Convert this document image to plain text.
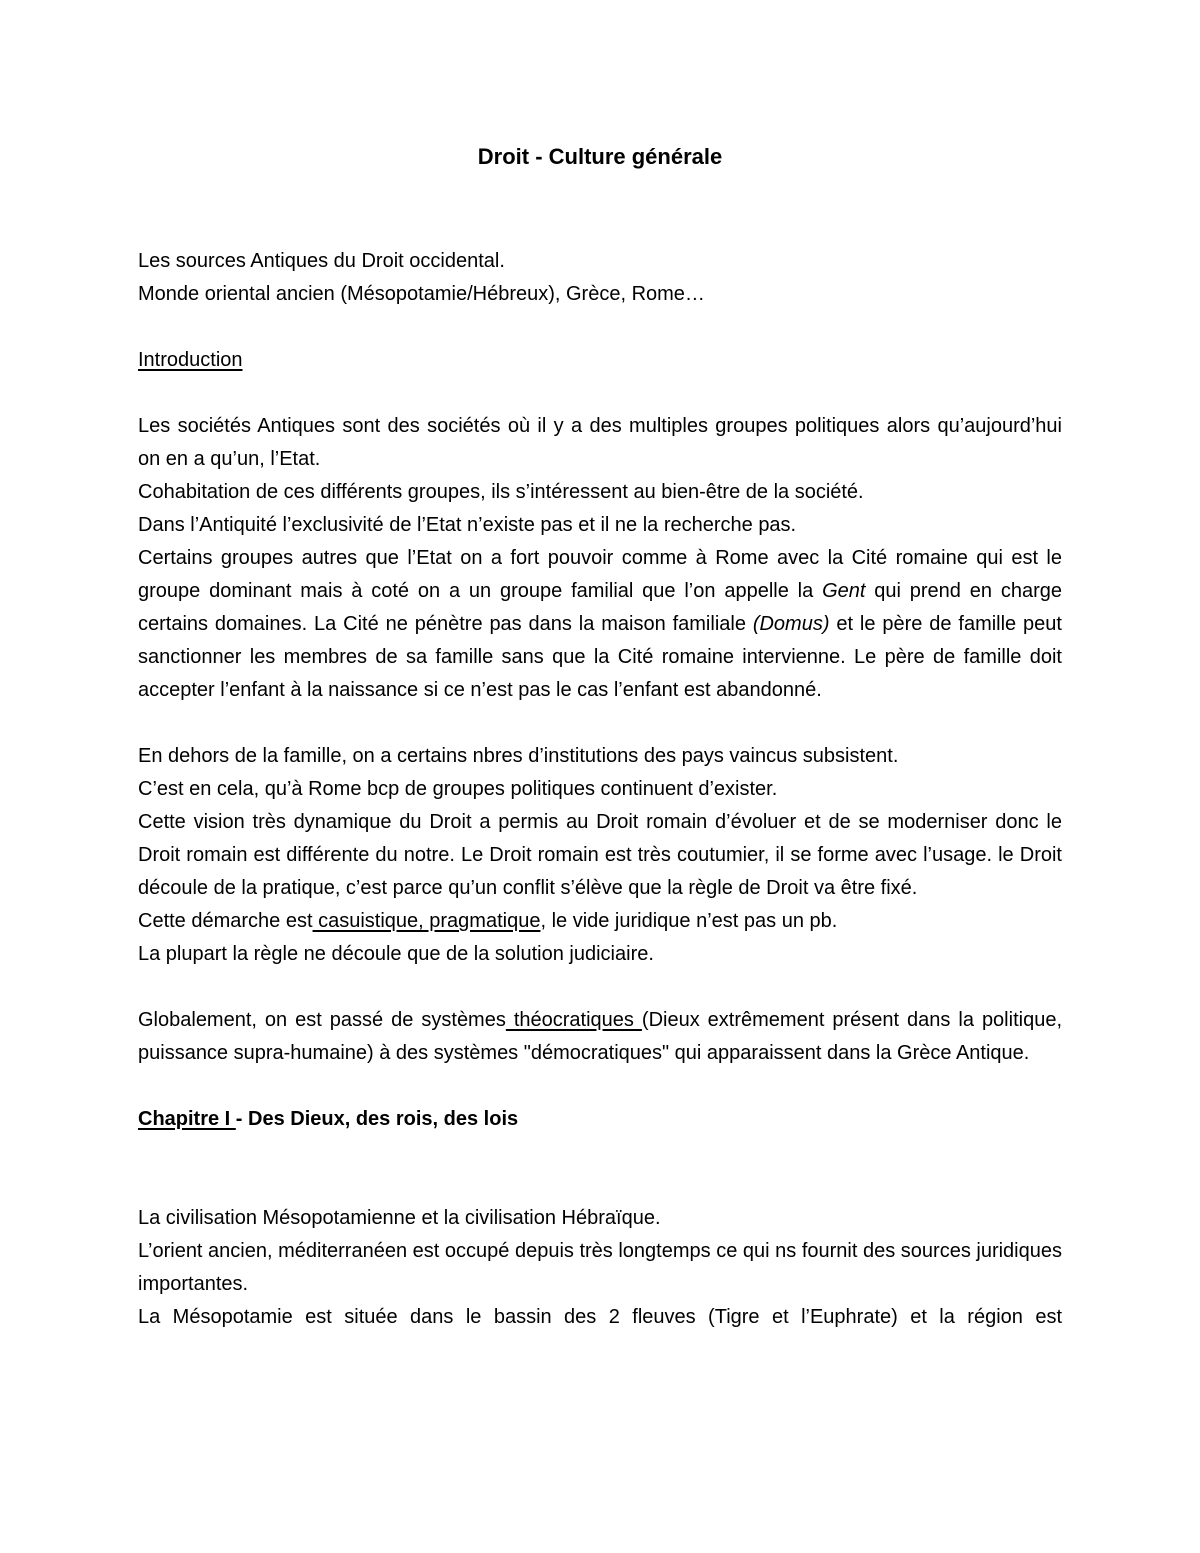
Droit - Culture générale

Les sources Antiques du Droit occidental.

Monde oriental ancien (Mésopotamie/Hébreux), Grèce, Rome…

Introduction

Les sociétés Antiques sont des sociétés où il y a des multiples groupes politiques alors qu’aujourd’hui on en a qu’un, l’Etat.

Cohabitation de ces différents groupes, ils s’intéressent au bien-être de la société.

Dans l’Antiquité l’exclusivité de l’Etat n’existe pas et il ne la recherche pas.

Certains groupes autres que l’Etat on a fort pouvoir comme à Rome avec la Cité romaine qui est le groupe dominant mais à coté on a un groupe familial que l’on appelle la Gent qui prend en charge certains domaines. La Cité ne pénètre pas dans la maison familiale (Domus) et le père de famille peut sanctionner les membres de sa famille sans que la Cité romaine intervienne. Le père de famille doit accepter l’enfant à la naissance si ce n’est pas le cas l’enfant est abandonné.

En dehors de la famille, on a certains nbres d’institutions des pays vaincus subsistent.

C’est en cela, qu’à Rome bcp de groupes politiques continuent d’exister.

Cette vision très dynamique du Droit a permis au Droit romain d’évoluer et de se moderniser donc le Droit romain est différente du notre. Le Droit romain est très coutumier, il se forme avec l’usage. le Droit découle de la pratique, c’est parce qu’un conflit s’élève que la règle de Droit va être fixé.

Cette démarche est casuistique, pragmatique, le vide juridique n’est pas un pb.

La plupart la règle ne découle que de la solution judiciaire.

Globalement, on est passé de systèmes théocratiques (Dieux extrêmement présent dans la politique, puissance supra-humaine) à des systèmes "démocratiques" qui apparaissent dans la Grèce Antique.

Chapitre I - Des Dieux, des rois, des lois

La civilisation Mésopotamienne et la civilisation Hébraïque.

L’orient ancien, méditerranéen est occupé depuis très longtemps ce qui ns fournit des sources juridiques importantes.

La Mésopotamie est située dans le bassin des 2 fleuves (Tigre et l’Euphrate) et la région est
